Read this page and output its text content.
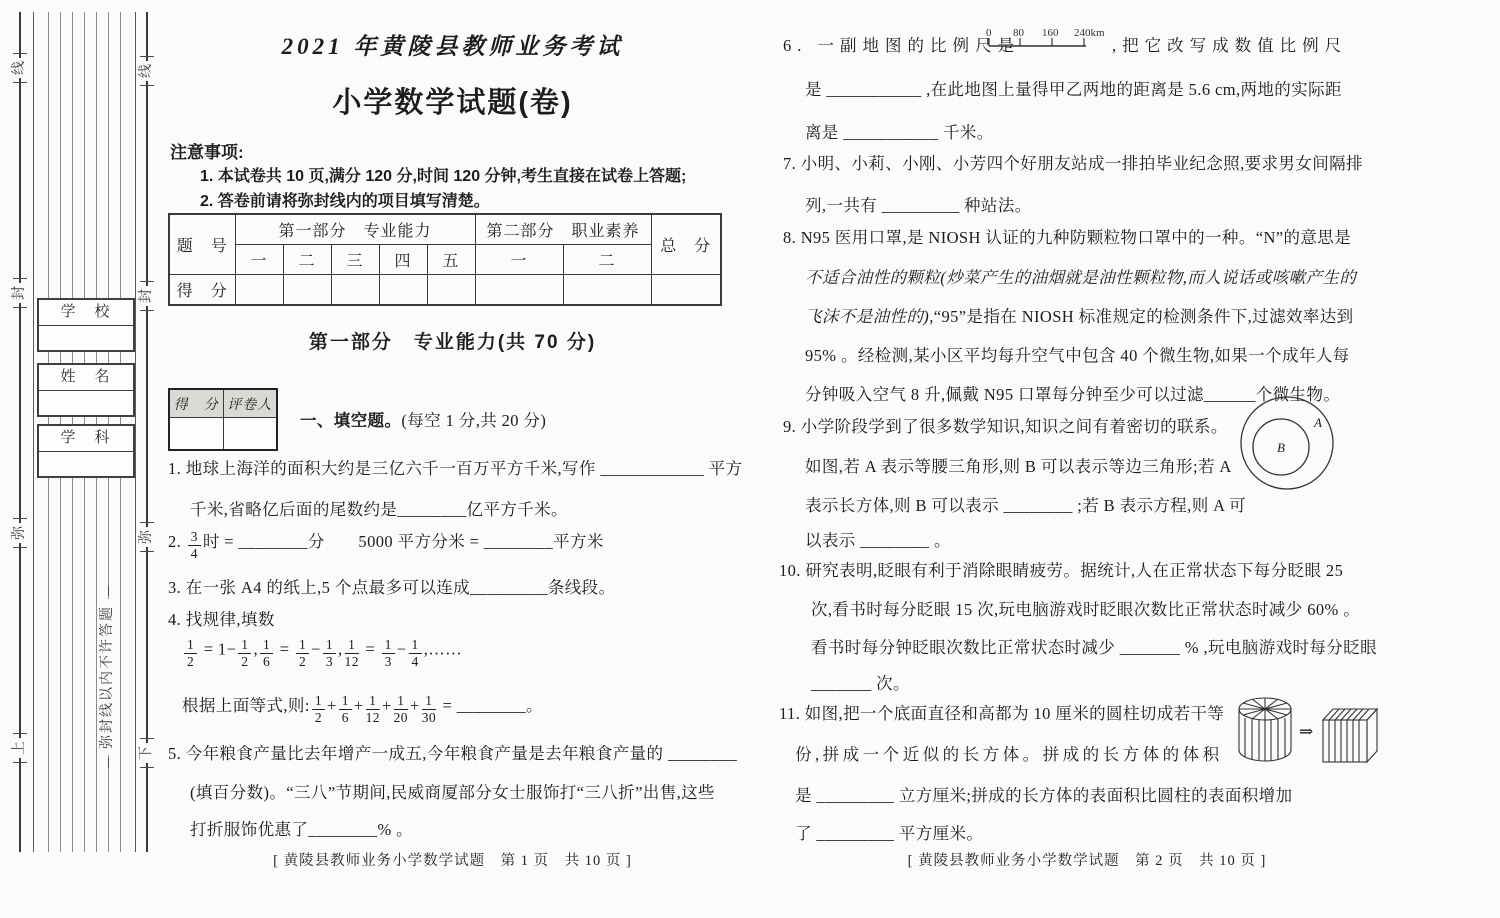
线
封
弥
上
线
封
弥
下
学　校
姓　名
学　科
弥封线以内不许答题
2021 年黄陵县教师业务考试
小学数学试题(卷)
注意事项:
1. 本试卷共 10 页,满分 120 分,时间 120 分钟,考生直接在试卷上答题;
2. 答卷前请将弥封线内的项目填写清楚。
题　号	第一部分　专业能力					第二部分　职业素养		总　分
	一	二	三	四	五	一	二	
得　分								
第一部分　专业能力(共 70 分)
得　分	评卷人

一、填空题。(每空 1 分,共 20 分)
1. 地球上海洋的面积大约是三亿六千一百万平方千米,写作 ____________ 平方
千米,省略亿后面的尾数约是________亿平方千米。
2. $\frac{3}{4}$ 时 = ________分　　5000 平方分米 = ________平方米
3. 在一张 A4 的纸上,5 个点最多可以连成_________条线段。
4. 找规律,填数
$\frac{1}{2} = 1- \frac{1}{2}$ , $\frac{1}{6} = \frac{1}{2} - \frac{1}{3}$ , $\frac{1}{12} = \frac{1}{3} - \frac{1}{4}$ ,……
根据上面等式,则: $\frac{1}{2} + \frac{1}{6} + \frac{1}{12} + \frac{1}{20} + \frac{1}{30}$ = ________。
5. 今年粮食产量比去年增产一成五,今年粮食产量是去年粮食产量的 ________
(填百分数)。“三八”节期间,民威商厦部分女士服饰打“三八折”出售,这些
打折服饰优惠了________% 。
[ 黄陵县教师业务小学数学试题　第 1 页　共 10 页 ]
6. 一副地图的比例尺是
0 80 160 240km
,把它改写成数值比例尺
是 ___________ ,在此地图上量得甲乙两地的距离是 5.6 cm,两地的实际距
离是 ___________ 千米。
7. 小明、小莉、小刚、小芳四个好朋友站成一排拍毕业纪念照,要求男女间隔排
列,一共有 _________ 种站法。
8. N95 医用口罩,是 NIOSH 认证的九种防颗粒物口罩中的一种。“N”的意思是
不适合油性的颗粒(炒菜产生的油烟就是油性颗粒物,而人说话或咳嗽产生的
飞沫不是油性的),“95”是指在 NIOSH 标准规定的检测条件下,过滤效率达到
95% 。经检测,某小区平均每升空气中包含 40 个微生物,如果一个成年人每
分钟吸入空气 8 升,佩戴 N95 口罩每分钟至少可以过滤______个微生物。
9. 小学阶段学到了很多数学知识,知识之间有着密切的联系。
如图,若 A 表示等腰三角形,则 B 可以表示等边三角形;若 A
表示长方体,则 B 可以表示 ________ ;若 B 表示方程,则 A 可
以表示 ________ 。
B
A
10. 研究表明,眨眼有利于消除眼睛疲劳。据统计,人在正常状态下每分眨眼 25
次,看书时每分眨眼 15 次,玩电脑游戏时眨眼次数比正常状态时减少 60% 。
看书时每分钟眨眼次数比正常状态时减少 _______ % ,玩电脑游戏时每分眨眼
_______ 次。
11. 如图,把一个底面直径和高都为 10 厘米的圆柱切成若干等
份,拼成一个近似的长方体。拼成的长方体的体积
是 _________ 立方厘米;拼成的长方体的表面积比圆柱的表面积增加
了 _________ 平方厘米。
⇒
[ 黄陵县教师业务小学数学试题　第 2 页　共 10 页 ]
